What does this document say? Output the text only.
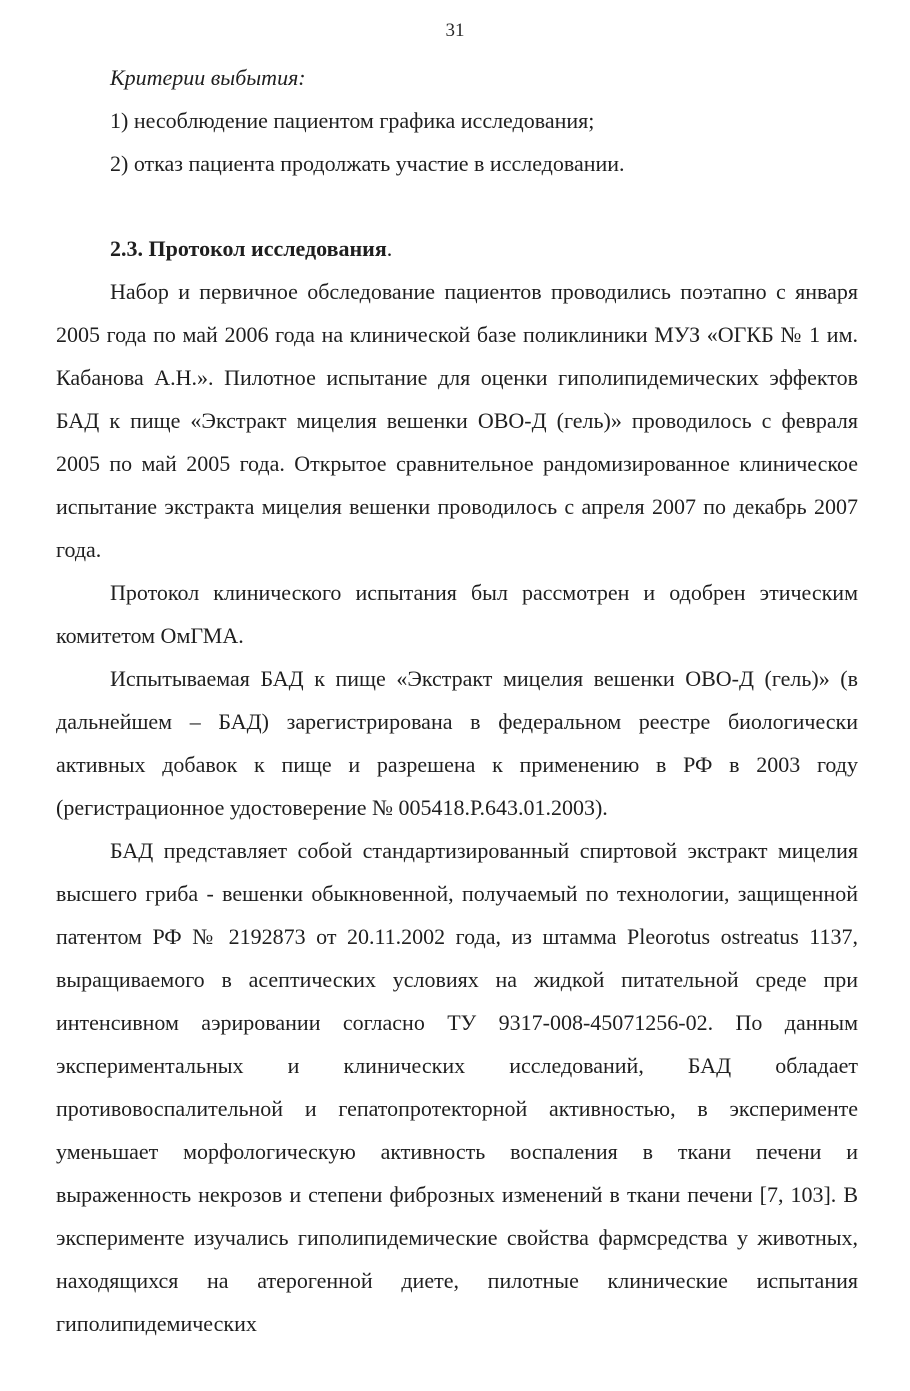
31

Критерии выбытия:

1) несоблюдение пациентом графика исследования;

2) отказ пациента продолжать участие в исследовании.

2.3. Протокол исследования.

Набор и первичное обследование пациентов проводились поэтапно с января 2005 года по май 2006 года на клинической базе поликлиники МУЗ «ОГКБ № 1 им. Кабанова А.Н.». Пилотное испытание для оценки гиполипидемических эффектов БАД к пище «Экстракт мицелия вешенки ОВО-Д (гель)» проводилось с февраля 2005 по май 2005 года. Открытое сравнительное рандомизированное клиническое испытание экстракта мицелия вешенки проводилось с апреля 2007 по декабрь 2007 года.

Протокол клинического испытания был рассмотрен и одобрен этическим комитетом ОмГМА.

Испытываемая БАД к пище «Экстракт мицелия вешенки ОВО-Д (гель)» (в дальнейшем – БАД) зарегистрирована в федеральном реестре биологически активных добавок к пище и разрешена к применению в РФ в 2003 году (регистрационное удостоверение № 005418.Р.643.01.2003).

БАД представляет собой стандартизированный спиртовой экстракт мицелия высшего гриба - вешенки обыкновенной, получаемый по технологии, защищенной патентом РФ № 2192873 от 20.11.2002 года, из штамма Pleorotus ostreatus 1137, выращиваемого в асептических условиях на жидкой питательной среде при интенсивном аэрировании согласно ТУ 9317-008-45071256-02. По данным экспериментальных и клинических исследований, БАД обладает противовоспалительной и гепатопротекторной активностью, в эксперименте уменьшает морфологическую активность воспаления в ткани печени и выраженность некрозов и степени фиброзных изменений в ткани печени [7, 103]. В эксперименте изучались гиполипидемические свойства фармсредства у животных, находящихся на атерогенной диете, пилотные клинические испытания гиполипидемических
